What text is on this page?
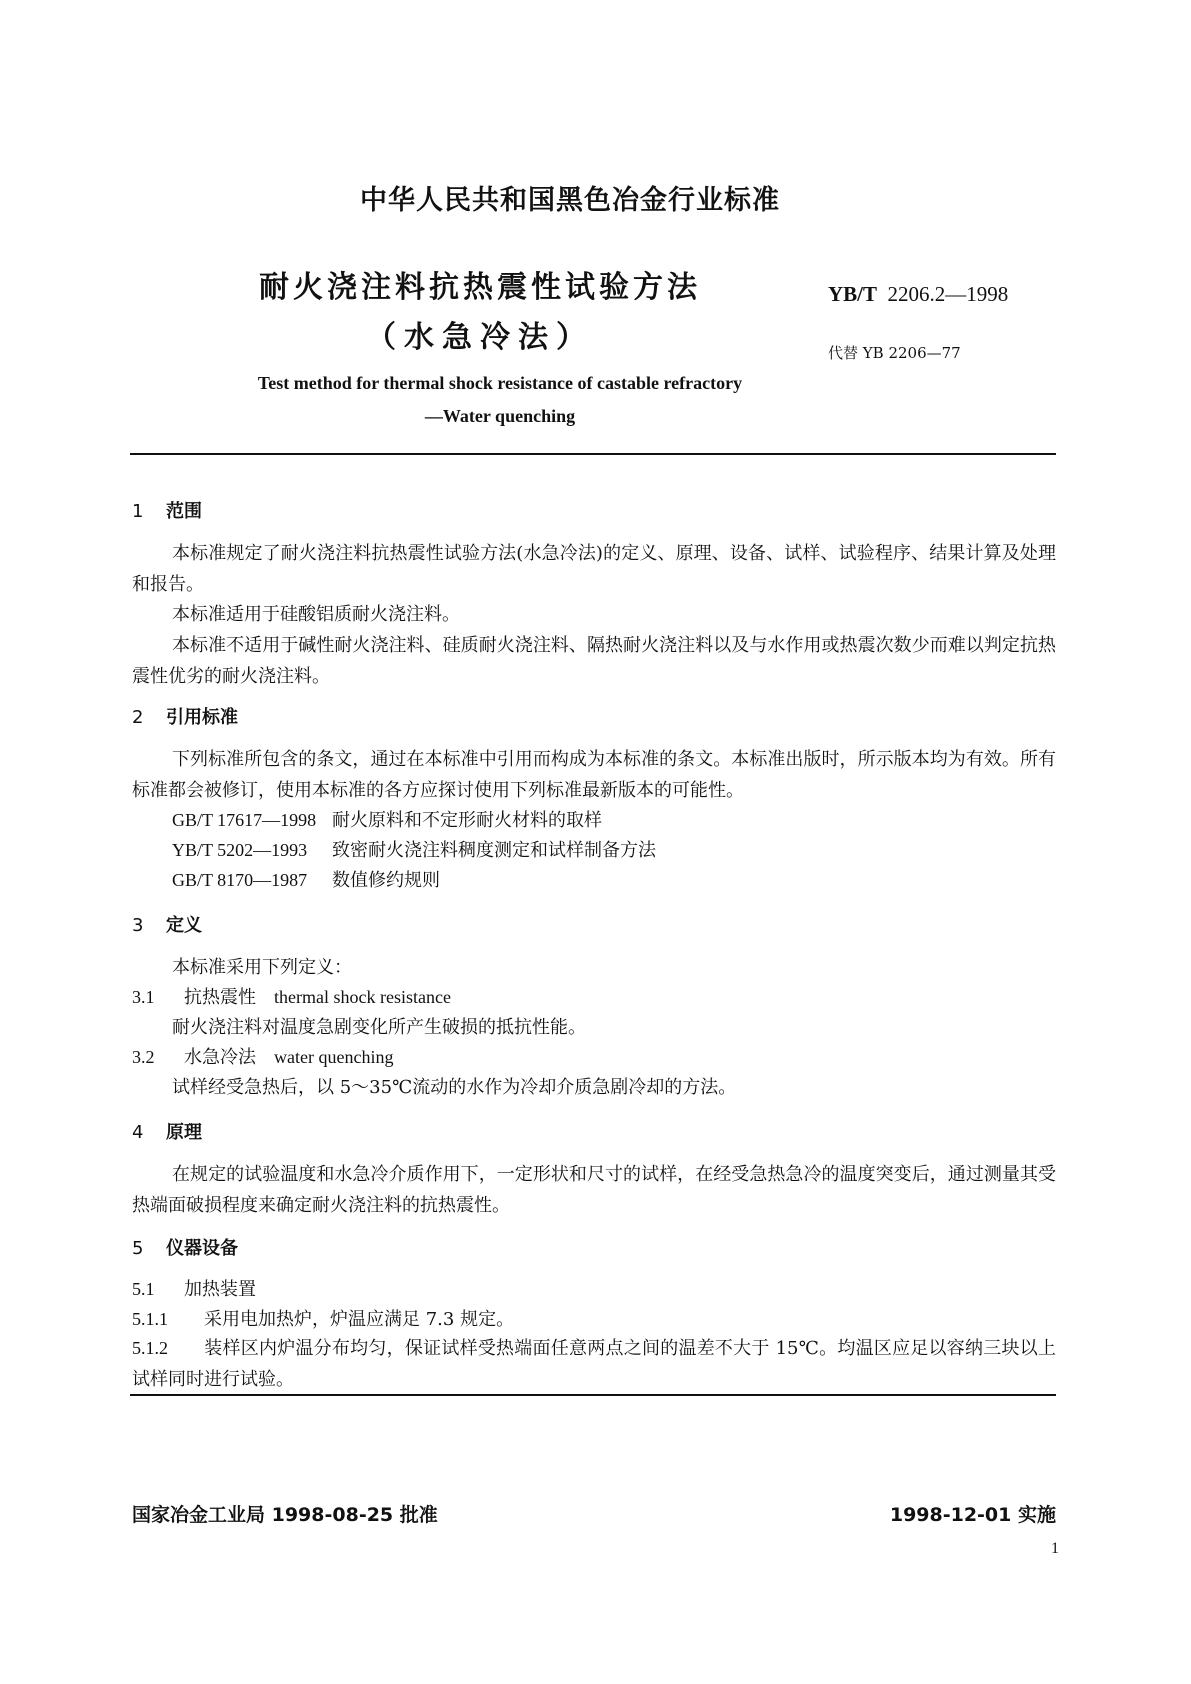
中华人民共和国黑色冶金行业标准
耐火浇注料抗热震性试验方法
（水急冷法）
YB/T 2206.2—1998
代替 YB 2206—77
Test method for thermal shock resistance of castable refractory
—Water quenching
1 范围
本标准规定了耐火浇注料抗热震性试验方法(水急冷法)的定义、原理、设备、试样、试验程序、结果计算及处理和报告。
本标准适用于硅酸铝质耐火浇注料。
本标准不适用于碱性耐火浇注料、硅质耐火浇注料、隔热耐火浇注料以及与水作用或热震次数少而难以判定抗热震性优劣的耐火浇注料。
2 引用标准
下列标准所包含的条文，通过在本标准中引用而构成为本标准的条文。本标准出版时，所示版本均为有效。所有标准都会被修订，使用本标准的各方应探讨使用下列标准最新版本的可能性。
GB/T 17617—1998 耐火原料和不定形耐火材料的取样
YB/T 5202—1993 致密耐火浇注料稠度测定和试样制备方法
GB/T 8170—1987 数值修约规则
3 定义
本标准采用下列定义：
3.1 抗热震性 thermal shock resistance
耐火浇注料对温度急剧变化所产生破损的抵抗性能。
3.2 水急冷法 water quenching
试样经受急热后，以 5～35℃流动的水作为冷却介质急剧冷却的方法。
4 原理
在规定的试验温度和水急冷介质作用下，一定形状和尺寸的试样，在经受急热急冷的温度突变后，通过测量其受热端面破损程度来确定耐火浇注料的抗热震性。
5 仪器设备
5.1 加热装置
5.1.1 采用电加热炉，炉温应满足 7.3 规定。
5.1.2 装样区内炉温分布均匀，保证试样受热端面任意两点之间的温差不大于 15℃。均温区应足以容纳三块以上试样同时进行试验。
国家冶金工业局 1998-08-25 批准	1998-12-01 实施
1
